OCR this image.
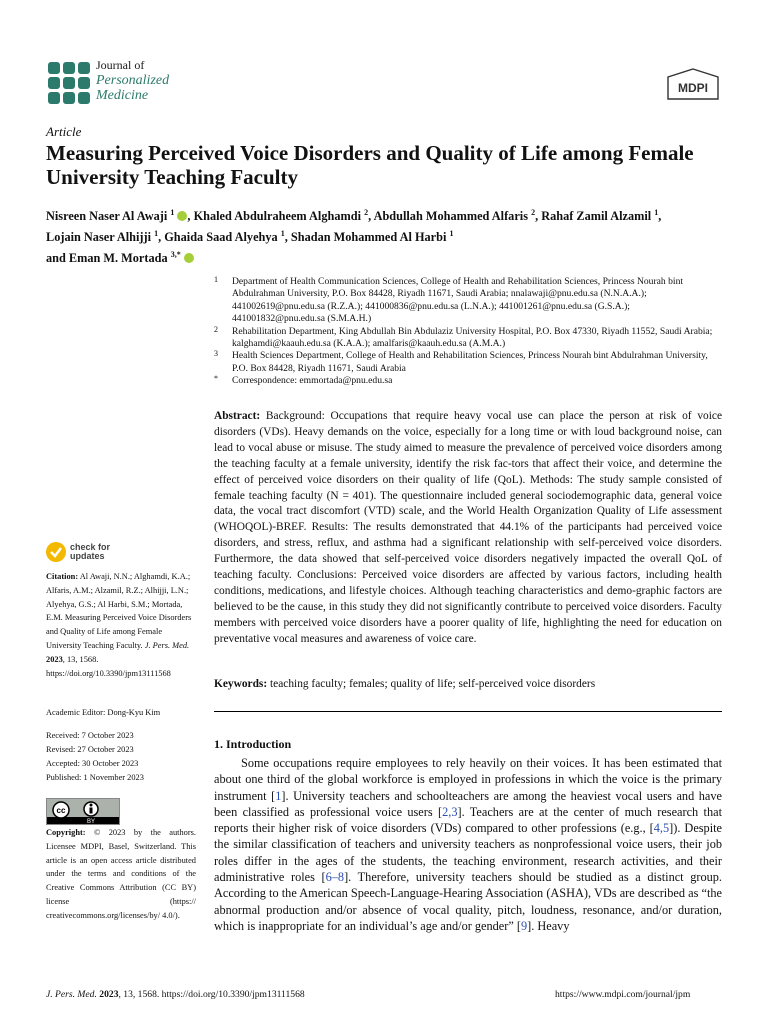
Journal of
Personalized
Medicine	MDPI
Article
Measuring Perceived Voice Disorders and Quality of Life among Female University Teaching Faculty
Nisreen Naser Al Awaji $^1$ , Khaled Abdulraheem Alghamdi $^2$, Abdullah Mohammed Alfaris $^2$, Rahaf Zamil Alzamil $^1$,
Lojain Naser Alhijji $^1$, Ghaida Saad Alyehya $^1$, Shadan Mohammed Al Harbi $^1$
and Eman M. Mortada $^{3,*}$
1 Department of Health Communication Sciences, College of Health and Rehabilitation Sciences, Princess Nourah bint Abdulrahman University, P.O. Box 84428, Riyadh 11671, Saudi Arabia; nnalawaji@pnu.edu.sa (N.N.A.A.); 441002619@pnu.edu.sa (R.Z.A.); 441000836@pnu.edu.sa (L.N.A.); 441001261@pnu.edu.sa (G.S.A.); 441001832@pnu.edu.sa (S.M.A.H.)
2 Rehabilitation Department, King Abdullah Bin Abdulaziz University Hospital, P.O. Box 47330, Riyadh 11552, Saudi Arabia; kalghamdi@kaauh.edu.sa (K.A.A.); amalfaris@kaauh.edu.sa (A.M.A.)
3 Health Sciences Department, College of Health and Rehabilitation Sciences, Princess Nourah bint Abdulrahman University, P.O. Box 84428, Riyadh 11671, Saudi Arabia
* Correspondence: emmortada@pnu.edu.sa
Abstract: Background: Occupations that require heavy vocal use can place the person at risk of voice disorders (VDs). Heavy demands on the voice, especially for a long time or with loud background noise, can lead to vocal abuse or misuse. The study aimed to measure the prevalence of perceived voice disorders among the teaching faculty at a female university, identify the risk fac-tors that affect their voice, and determine the effect of perceived voice disorders on their quality of life (QoL). Methods: The study sample consisted of female teaching faculty (N = 401). The questionnaire included general sociodemographic data, general voice data, the vocal tract discomfort (VTD) scale, and the World Health Organization Quality of Life assessment (WHOQOL)-BREF. Results: The results demonstrated that 44.1% of the participants had perceived voice disorders, and stress, reflux, and asthma had a significant relationship with self-perceived voice disorders. Furthermore, the data showed that self-perceived voice disorders negatively impacted the overall QoL of teaching faculty. Conclusions: Perceived voice disorders are affected by various factors, including health conditions, medications, and lifestyle choices. Although teaching characteristics and demo-graphic factors are believed to be the cause, in this study they did not significantly contribute to perceived voice disorders. Faculty members with perceived voice disorders have a poorer quality of life, highlighting the need for education on preventative vocal measures and awareness of voice care.
Keywords: teaching faculty; females; quality of life; self-perceived voice disorders
1. Introduction
Some occupations require employees to rely heavily on their voices. It has been estimated that about one third of the global workforce is employed in professions in which the voice is the primary instrument [1]. University teachers and schoolteachers are among the heaviest vocal users and have been classified as professional voice users [2,3]. Teachers are at the center of much research that reports their higher risk of voice disorders (VDs) compared to other professions (e.g., [4,5]). Despite the similar classification of teachers and university teachers as nonprofessional voice users, their job roles differ in the ages of the students, the teaching environment, research activities, and their administrative roles [6–8]. Therefore, university teachers should be studied as a distinct group. According to the American Speech-Language-Hearing Association (ASHA), VDs are described as “the abnormal production and/or absence of vocal quality, pitch, loudness, resonance, and/or duration, which is inappropriate for an individual’s age and/or gender” [9]. Heavy
check for
updates
Citation: Al Awaji, N.N.; Alghamdi, K.A.; Alfaris, A.M.; Alzamil, R.Z.; Alhijji, L.N.; Alyehya, G.S.; Al Harbi, S.M.; Mortada, E.M. Measuring Perceived Voice Disorders and Quality of Life among Female University Teaching Faculty. J. Pers. Med. 2023, 13, 1568. https://doi.org/10.3390/jpm13111568
Academic Editor: Dong-Kyu Kim
Received: 7 October 2023
Revised: 27 October 2023
Accepted: 30 October 2023
Published: 1 November 2023
cc
BY
Copyright: © 2023 by the authors. Licensee MDPI, Basel, Switzerland. This article is an open access article distributed under the terms and conditions of the Creative Commons Attribution (CC BY) license (https:// creativecommons.org/licenses/by/ 4.0/).
J. Pers. Med. 2023, 13, 1568. https://doi.org/10.3390/jpm13111568	https://www.mdpi.com/journal/jpm
